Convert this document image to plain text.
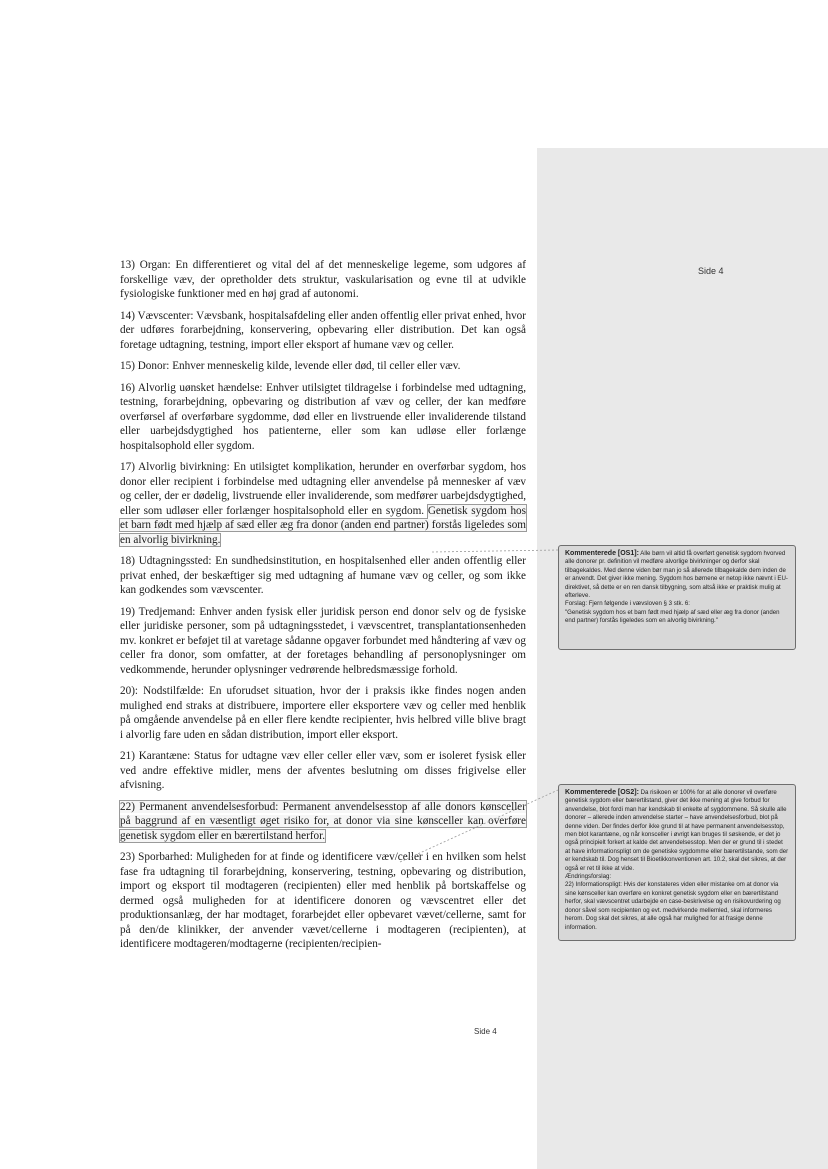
Side 4

13) Organ: En differentieret og vital del af det menneskelige legeme, som udgores af forskellige væv, der opretholder dets struktur, vaskularisation og evne til at udvikle fysiologiske funktioner med en høj grad af autonomi.

14) Vævscenter: Vævsbank, hospitalsafdeling eller anden offentlig eller privat enhed, hvor der udføres forarbejdning, konservering, opbevaring eller distribution. Det kan også foretage udtagning, testning, import eller eksport af humane væv og celler.

15) Donor: Enhver menneskelig kilde, levende eller død, til celler eller væv.

16) Alvorlig uønsket hændelse: Enhver utilsigtet tildragelse i forbindelse med udtagning, testning, forarbejdning, opbevaring og distribution af væv og celler, der kan medføre overførsel af overførbare sygdomme, død eller en livstruende eller invaliderende tilstand eller uarbejdsdygtighed hos patienterne, eller som kan udløse eller forlænge hospitalsophold eller sygdom.

17) Alvorlig bivirkning: En utilsigtet komplikation, herunder en overførbar sygdom, hos donor eller recipient i forbindelse med udtagning eller anvendelse på mennesker af væv og celler, der er dødelig, livstruende eller invaliderende, som medfører uarbejdsdygtighed, eller som udløser eller forlænger hospitalsophold eller en sygdom. Genetisk sygdom hos et barn født med hjælp af sæd eller æg fra donor (anden end partner) forstås ligeledes som en alvorlig bivirkning.

18) Udtagningssted: En sundhedsinstitution, en hospitalsenhed eller anden offentlig eller privat enhed, der beskæftiger sig med udtagning af humane væv og celler, og som ikke kan godkendes som vævscenter.

19) Tredjemand: Enhver anden fysisk eller juridisk person end donor selv og de fysiske eller juridiske personer, som på udtagningsstedet, i vævscentret, transplantationsenheden mv. konkret er beføjet til at varetage sådanne opgaver forbundet med håndtering af væv og celler fra donor, som omfatter, at der foretages behandling af personoplysninger om vedkommende, herunder oplysninger vedrørende helbredsmæssige forhold.

20): Nodstilfælde: En uforudset situation, hvor der i praksis ikke findes nogen anden mulighed end straks at distribuere, importere eller eksportere væv og celler med henblik på omgående anvendelse på en eller flere kendte recipienter, hvis helbred ville blive bragt i alvorlig fare uden en sådan distribution, import eller eksport.

21) Karantæne: Status for udtagne væv eller celler eller væv, som er isoleret fysisk eller ved andre effektive midler, mens der afventes beslutning om disses frigivelse eller afvisning.

22) Permanent anvendelsesforbud: Permanent anvendelsesstop af alle donors kønsceller på baggrund af en væsentligt øget risiko for, at donor via sine kønsceller kan overføre genetisk sygdom eller en bærertilstand herfor.

23) Sporbarhed: Muligheden for at finde og identificere væv/celler i en hvilken som helst fase fra udtagning til forarbejdning, konservering, testning, opbevaring og distribution, import og eksport til modtageren (recipienten) eller med henblik på bortskaffelse og dermed også muligheden for at identificere donoren og vævscentret eller det produktionsanlæg, der har modtaget, forarbejdet eller opbevaret vævet/cellerne, samt for på den/de klinikker, der anvender vævet/cellerne i modtageren (recipienten), at identificere modtageren/modtagerne (recipienten/recipien-

Kommenterede [OS1]: Alle børn vil altid få overført genetisk sygdom hvorved alle donorer pr. definition vil medføre alvorlige bivirkninger og derfor skal tilbagekaldes. Med denne viden bør man jo så allerede tilbagekalde dem inden de er anvendt. Det giver ikke mening. Sygdom hos børnene er netop ikke nævnt i EU-direktivet, så dette er en ren dansk tilbygning, som altså ikke er praktisk mulig at efterleve.
Forslag: Fjern følgende i vævsloven § 3 stk. 6:
"Genetisk sygdom hos et barn født med hjælp af sæd eller æg fra donor (anden end partner) forstås ligeledes som en alvorlig bivirkning."
Kommenterede [OS2]: Da risikoen er 100% for at alle donorer vil overføre genetisk sygdom eller bærertilstand, giver det ikke mening at give forbud for anvendelse, blot fordi man har kendskab til enkelte af sygdommene. Så skulle alle donorer – allerede inden anvendelse starter – have anvendelsesforbud, blot på denne viden. Der findes derfor ikke grund til at have permanent anvendelsesstop, men blot karantæne, og når konsceller i øvrigt kan bruges til søskende, er det jo også principielt forkert at kalde det anvendelsesstop. Men der er grund til i stedet at have informationspligt om de genetiske sygdomme eller bærertilstande, som der er kendskab til. Dog henset til Bioetikkonventionen art. 10.2, skal det sikres, at der også er ret til ikke at vide.
Ændringsforslag:
22) Informationspligt: Hvis der konstateres viden eller mistanke om at donor via sine kønsceller kan overføre en konkret genetisk sygdom eller en bærertilstand herfor, skal vævscentret udarbejde en case-beskrivelse og en risikovurdering og donor såvel som recipienten og evt. medvirkende mellemled, skal informeres herom. Dog skal det sikres, at alle også har mulighed for at frasige denne information.
Side 4
